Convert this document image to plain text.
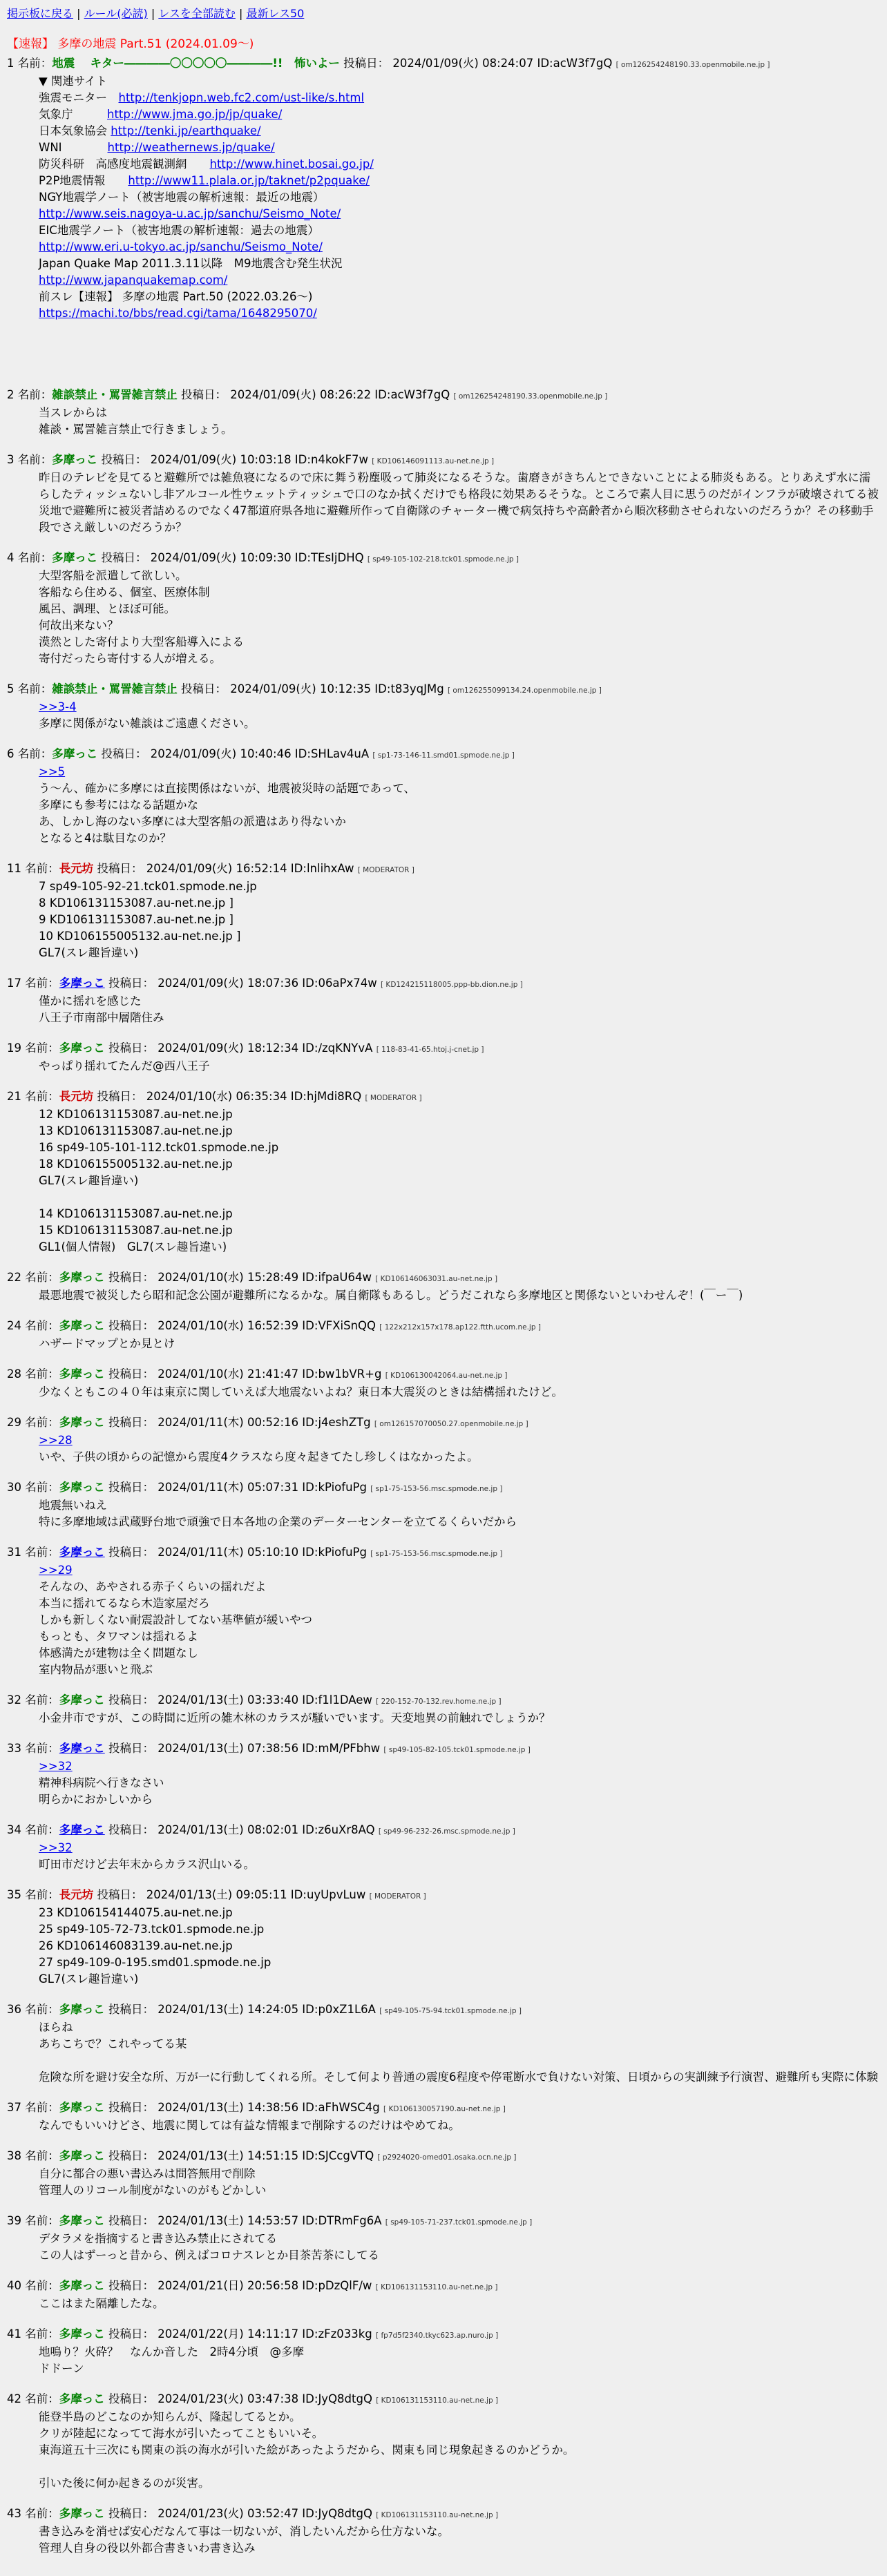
掲示板に戻る | ルール(必読) | レスを全部読む | 最新レス50
【速報】 多摩の地震 Part.51 (2024.01.09〜)
1 名前：地震　 キター――――〇〇〇〇〇――――!!　怖いよー 投稿日： 2024/01/09(火) 08:24:07 ID:acW3f7gQ [ om126254248190.33.openmobile.ne.jp ]
▼ 関連サイト
強震モニター　http://tenkjopn.web.fc2.com/ust-like/s.html
気象庁　　　http://www.jma.go.jp/jp/quake/
日本気象協会 http://tenki.jp/earthquake/
WNI　　　　http://weathernews.jp/quake/
防災科研　高感度地震観測網　　http://www.hinet.bosai.go.jp/
P2P地震情報　　http://www11.plala.or.jp/taknet/p2pquake/
NGY地震学ノート（被害地震の解析速報：最近の地震）
http://www.seis.nagoya-u.ac.jp/sanchu/Seismo_Note/
EIC地震学ノート（被害地震の解析速報：過去の地震）
http://www.eri.u-tokyo.ac.jp/sanchu/Seismo_Note/
Japan Quake Map 2011.3.11以降　M9地震含む発生状況
http://www.japanquakemap.com/
前スレ【速報】 多摩の地震 Part.50 (2022.03.26〜)
https://machi.to/bbs/read.cgi/tama/1648295070/
2 名前：雑談禁止・罵詈雑言禁止 投稿日： 2024/01/09(火) 08:26:22 ID:acW3f7gQ [ om126254248190.33.openmobile.ne.jp ]
当スレからは
雑談・罵詈雑言禁止で行きましょう。
3 名前：多摩っこ 投稿日： 2024/01/09(火) 10:03:18 ID:n4kokF7w [ KD106146091113.au-net.ne.jp ]
昨日のテレビを見てると避難所では雑魚寝になるので床に舞う粉塵吸って肺炎になるそうな。歯磨きがきちんとできないことによる肺炎もある。とりあえず水に濡らしたティッシュないし非アルコール性ウェットティッシュで口のなか拭くだけでも格段に効果あるそうな。ところで素人目に思うのだがインフラが破壊されてる被災地で避難所に被災者詰めるのでなく47都道府県各地に避難所作って自衛隊のチャーター機で病気持ちや高齢者から順次移動させられないのだろうか？その移動手段でさえ厳しいのだろうか？
4 名前：多摩っこ 投稿日： 2024/01/09(火) 10:09:30 ID:TEsIjDHQ [ sp49-105-102-218.tck01.spmode.ne.jp ]
大型客船を派遣して欲しい。
客船なら住める、個室、医療体制
風呂、調理、とほぼ可能。
何故出来ない？
漠然とした寄付より大型客船導入による
寄付だったら寄付する人が増える。
5 名前：雑談禁止・罵詈雑言禁止 投稿日： 2024/01/09(火) 10:12:35 ID:t83yqJMg [ om126255099134.24.openmobile.ne.jp ]
>>3-4
多摩に関係がない雑談はご遠慮ください。
6 名前：多摩っこ 投稿日： 2024/01/09(火) 10:40:46 ID:SHLav4uA [ sp1-73-146-11.smd01.spmode.ne.jp ]
>>5
う〜ん、確かに多摩には直接関係はないが、地震被災時の話題であって、
多摩にも参考にはなる話題かな
あ、しかし海のない多摩には大型客船の派遣はあり得ないか
となると4は駄目なのか？
11 名前：長元坊 投稿日： 2024/01/09(火) 16:52:14 ID:lnlihxAw [ MODERATOR ]
7 sp49-105-92-21.tck01.spmode.ne.jp
8 KD106131153087.au-net.ne.jp ]
9 KD106131153087.au-net.ne.jp ]
10 KD106155005132.au-net.ne.jp ]
GL7(スレ趣旨違い)
17 名前：多摩っこ 投稿日： 2024/01/09(火) 18:07:36 ID:06aPx74w [ KD124215118005.ppp-bb.dion.ne.jp ]
僅かに揺れを感じた
八王子市南部中層階住み
19 名前：多摩っこ 投稿日： 2024/01/09(火) 18:12:34 ID:/zqKNYvA [ 118-83-41-65.htoj.j-cnet.jp ]
やっぱり揺れてたんだ@西八王子
21 名前：長元坊 投稿日： 2024/01/10(水) 06:35:34 ID:hjMdi8RQ [ MODERATOR ]
12 KD106131153087.au-net.ne.jp
13 KD106131153087.au-net.ne.jp
16 sp49-105-101-112.tck01.spmode.ne.jp
18 KD106155005132.au-net.ne.jp
GL7(スレ趣旨違い)
14 KD106131153087.au-net.ne.jp
15 KD106131153087.au-net.ne.jp
GL1(個人情報)　GL7(スレ趣旨違い)
22 名前：多摩っこ 投稿日： 2024/01/10(水) 15:28:49 ID:ifpaU64w [ KD106146063031.au-net.ne.jp ]
最悪地震で被災したら昭和記念公園が避難所になるかな。属自衛隊もあるし。どうだこれなら多摩地区と関係ないといわせんぞ！(￣ー￣)
24 名前：多摩っこ 投稿日： 2024/01/10(水) 16:52:39 ID:VFXiSnQQ [ 122x212x157x178.ap122.ftth.ucom.ne.jp ]
ハザードマップとか見とけ
28 名前：多摩っこ 投稿日： 2024/01/10(水) 21:41:47 ID:bw1bVR+g [ KD106130042064.au-net.ne.jp ]
少なくともこの４０年は東京に関していえば大地震ないよね？東日本大震災のときは結構揺れたけど。
29 名前：多摩っこ 投稿日： 2024/01/11(木) 00:52:16 ID:j4eshZTg [ om126157070050.27.openmobile.ne.jp ]
>>28
いや、子供の頃からの記憶から震度4クラスなら度々起きてたし珍しくはなかったよ。
30 名前：多摩っこ 投稿日： 2024/01/11(木) 05:07:31 ID:kPiofuPg [ sp1-75-153-56.msc.spmode.ne.jp ]
地震無いねえ
特に多摩地域は武蔵野台地で頑強で日本各地の企業のデーターセンターを立てるくらいだから
31 名前：多摩っこ 投稿日： 2024/01/11(木) 05:10:10 ID:kPiofuPg [ sp1-75-153-56.msc.spmode.ne.jp ]
>>29
そんなの、あやされる赤子くらいの揺れだよ
本当に揺れてるなら木造家屋だろ
しかも新しくない耐震設計してない基準値が緩いやつ
もっとも、タワマンは揺れるよ
体感満たが建物は全く問題なし
室内物品が悪いと飛ぶ
32 名前：多摩っこ 投稿日： 2024/01/13(土) 03:33:40 ID:f1l1DAew [ 220-152-70-132.rev.home.ne.jp ]
小金井市ですが、この時間に近所の雑木林のカラスが騒いでいます。天変地異の前触れでしょうか？
33 名前：多摩っこ 投稿日： 2024/01/13(土) 07:38:56 ID:mM/PFbhw [ sp49-105-82-105.tck01.spmode.ne.jp ]
>>32
精神科病院へ行きなさい
明らかにおかしいから
34 名前：多摩っこ 投稿日： 2024/01/13(土) 08:02:01 ID:z6uXr8AQ [ sp49-96-232-26.msc.spmode.ne.jp ]
>>32
町田市だけど去年末からカラス沢山いる。
35 名前：長元坊 投稿日： 2024/01/13(土) 09:05:11 ID:uyUpvLuw [ MODERATOR ]
23 KD106154144075.au-net.ne.jp
25 sp49-105-72-73.tck01.spmode.ne.jp
26 KD106146083139.au-net.ne.jp
27 sp49-109-0-195.smd01.spmode.ne.jp
GL7(スレ趣旨違い)
36 名前：多摩っこ 投稿日： 2024/01/13(土) 14:24:05 ID:p0xZ1L6A [ sp49-105-75-94.tck01.spmode.ne.jp ]
ほらね
あちこちで？これやってる某
危険な所を避け安全な所、万が一に行動してくれる所。そして何より普通の震度6程度や停電断水で負けない対策、日頃からの実訓練予行演習、避難所も実際に体験
37 名前：多摩っこ 投稿日： 2024/01/13(土) 14:38:56 ID:aFhWSC4g [ KD106130057190.au-net.ne.jp ]
なんでもいいけどさ、地震に関しては有益な情報まで削除するのだけはやめてね。
38 名前：多摩っこ 投稿日： 2024/01/13(土) 14:51:15 ID:SJCcgVTQ [ p2924020-omed01.osaka.ocn.ne.jp ]
自分に都合の悪い書込みは問答無用で削除
管理人のリコール制度がないのがもどかしい
39 名前：多摩っこ 投稿日： 2024/01/13(土) 14:53:57 ID:DTRmFg6A [ sp49-105-71-237.tck01.spmode.ne.jp ]
デタラメを指摘すると書き込み禁止にされてる
この人はずーっと昔から、例えばコロナスレとか目茶苦茶にしてる
40 名前：多摩っこ 投稿日： 2024/01/21(日) 20:56:58 ID:pDzQlF/w [ KD106131153110.au-net.ne.jp ]
ここはまた隔離したな。
41 名前：多摩っこ 投稿日： 2024/01/22(月) 14:11:17 ID:zFz033kg [ fp7d5f2340.tkyc623.ap.nuro.jp ]
地鳴り？火砕？　なんか音した　2時4分頃　@多摩
ドドーン
42 名前：多摩っこ 投稿日： 2024/01/23(火) 03:47:38 ID:JyQ8dtgQ [ KD106131153110.au-net.ne.jp ]
能登半島のどこなのか知らんが、隆起してるとか。
クリが陸起になってて海水が引いたってこともいいそ。
東海道五十三次にも関東の浜の海水が引いた絵があったようだから、関東も同じ現象起きるのかどうか。
引いた後に何か起きるのが災害。
43 名前：多摩っこ 投稿日： 2024/01/23(火) 03:52:47 ID:JyQ8dtgQ [ KD106131153110.au-net.ne.jp ]
書き込みを消せば安心だなんて事は一切ないが、消したいんだから仕方ないな。
管理人自身の役以外都合書きいわ書き込み
